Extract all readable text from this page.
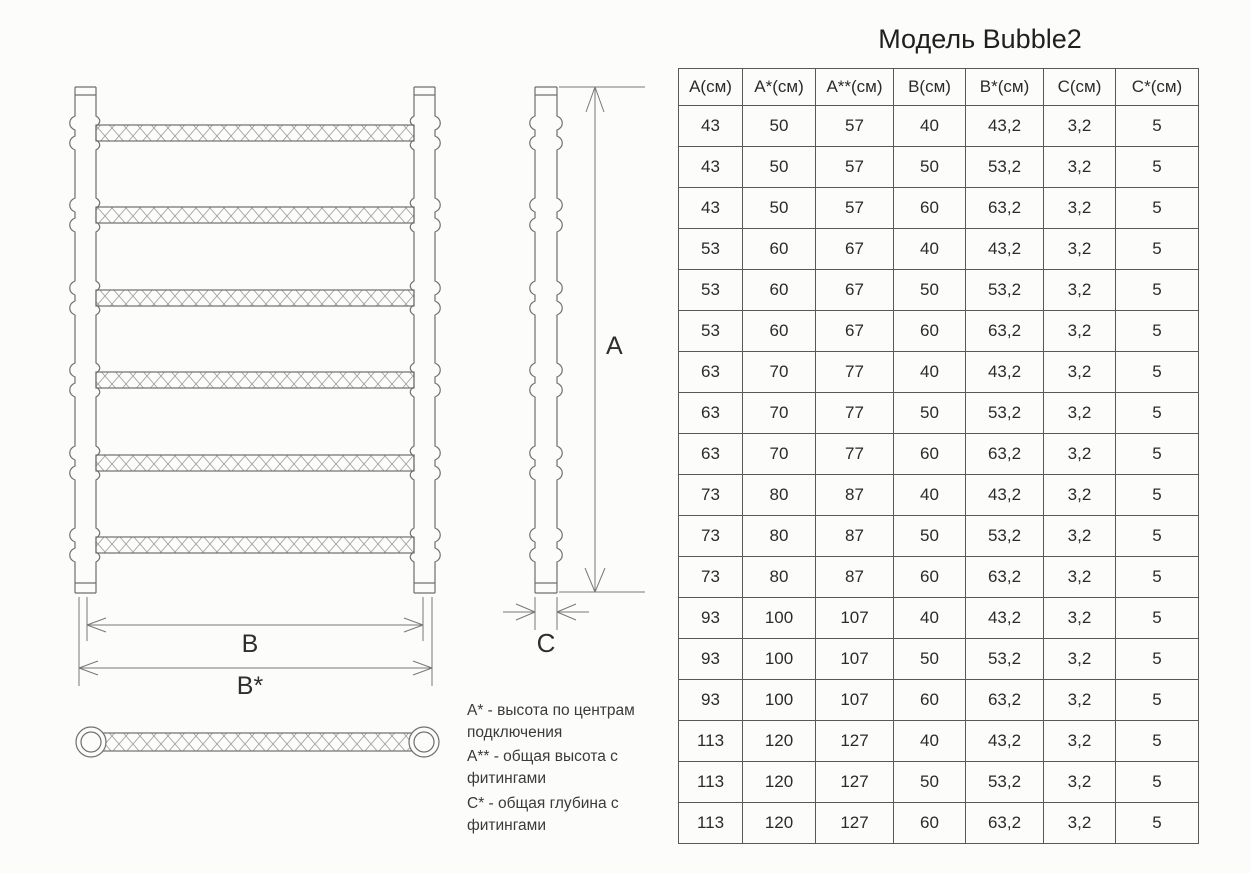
B
B*
A
C

А* - высота по центрам подключения

А** - общая высота с фитингами

С* - общая глубина с фитингами

Модель Bubble2
А(см)	А*(см)	А**(см)	В(см)	В*(см)	С(см)	С*(см)
43	50	57	40	43,2	3,2	5
43	50	57	50	53,2	3,2	5
43	50	57	60	63,2	3,2	5
53	60	67	40	43,2	3,2	5
53	60	67	50	53,2	3,2	5
53	60	67	60	63,2	3,2	5
63	70	77	40	43,2	3,2	5
63	70	77	50	53,2	3,2	5
63	70	77	60	63,2	3,2	5
73	80	87	40	43,2	3,2	5
73	80	87	50	53,2	3,2	5
73	80	87	60	63,2	3,2	5
93	100	107	40	43,2	3,2	5
93	100	107	50	53,2	3,2	5
93	100	107	60	63,2	3,2	5
113	120	127	40	43,2	3,2	5
113	120	127	50	53,2	3,2	5
113	120	127	60	63,2	3,2	5
